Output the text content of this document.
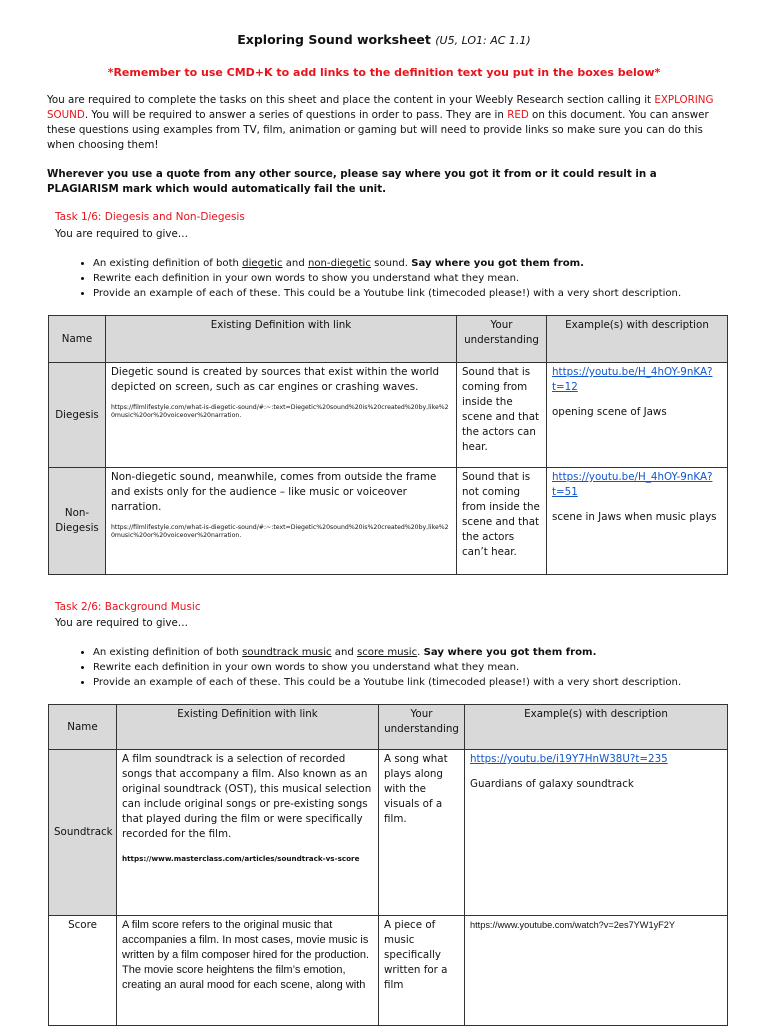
Exploring Sound worksheet (U5, LO1: AC 1.1)
*Remember to use CMD+K to add links to the definition text you put in the boxes below*
You are required to complete the tasks on this sheet and place the content in your Weebly Research section calling it EXPLORING SOUND. You will be required to answer a series of questions in order to pass. They are in RED on this document. You can answer these questions using examples from TV, film, animation or gaming but will need to provide links so make sure you can do this when choosing them!
Wherever you use a quote from any other source, please say where you got it from or it could result in a PLAGIARISM mark which would automatically fail the unit.
Task 1/6: Diegesis and Non-Diegesis
You are required to give…
• An existing definition of both diegetic and non-diegetic sound. Say where you got them from.
• Rewrite each definition in your own words to show you understand what they mean.
• Provide an example of each of these. This could be a Youtube link (timecoded please!) with a very short description.
Name	Existing Definition with link	Your understanding	Example(s) with description
Diegesis	Diegetic sound is created by sources that exist within the world depicted on screen, such as car engines or crashing waves.
https://filmlifestyle.com/what-is-diegetic-sound/#:~:text=Diegetic%20sound%20is%20created%20by,like%20music%20or%20voiceover%20narration.	Sound that is coming from inside the scene and that the actors can hear.	https://youtu.be/H_4hOY-9nKA?t=12
opening scene of Jaws

Non-Diegesis	Non-diegetic sound, meanwhile, comes from outside the frame and exists only for the audience – like music or voiceover narration.
https://filmlifestyle.com/what-is-diegetic-sound/#:~:text=Diegetic%20sound%20is%20created%20by,like%20music%20or%20voiceover%20narration.	Sound that is not coming from inside the scene and that the actors can’t hear.	https://youtu.be/H_4hOY-9nKA?t=51
scene in Jaws when music plays
Task 2/6: Background Music
You are required to give…
• An existing definition of both soundtrack music and score music. Say where you got them from.
• Rewrite each definition in your own words to show you understand what they mean.
• Provide an example of each of these. This could be a Youtube link (timecoded please!) with a very short description.
Name	Existing Definition with link	Your understanding	Example(s) with description
Soundtrack	A film soundtrack is a selection of recorded songs that accompany a film. Also known as an original soundtrack (OST), this musical selection can include original songs or pre-existing songs that played during the film or were specifically recorded for the film.
https://www.masterclass.com/articles/soundtrack-vs-score	A song what plays along with the visuals of a film.	https://youtu.be/i19Y7HnW38U?t=235
Guardians of galaxy soundtrack

Score	A film score refers to the original music that accompanies a film. In most cases, movie music is written by a film composer hired for the production. The movie score heightens the film’s emotion, creating an aural mood for each scene, along with	A piece of music specifically written for a film	https://www.youtube.com/watch?v=2es7YW1yF2Y
